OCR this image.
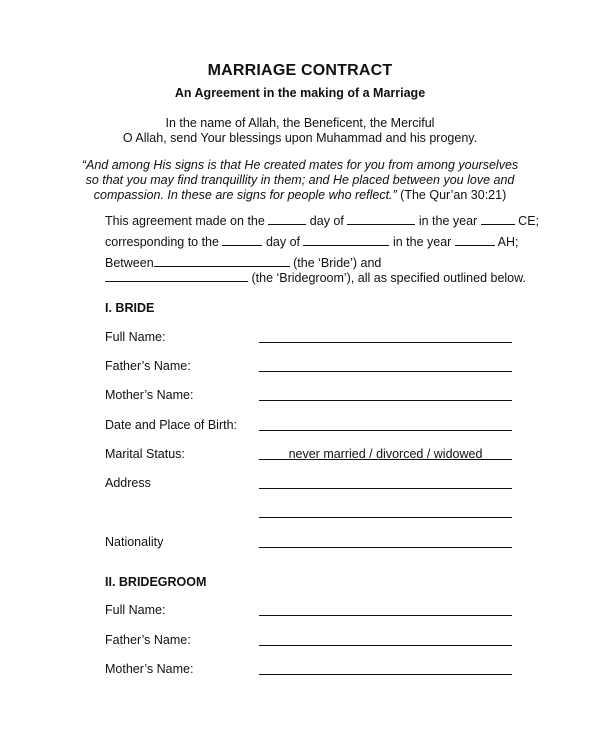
MARRIAGE CONTRACT
An Agreement in the making of a Marriage
In the name of Allah, the Beneficent, the Merciful
O Allah, send Your blessings upon Muhammad and his progeny.
“And among His signs is that He created mates for you from among yourselves
so that you may find tranquillity in them; and He placed between you love and
compassion. In these are signs for people who reflect.” (The Qur’an 30:21)
This agreement made on the	day of	in the year	CE;
corresponding to the	day of	in the year	AH;
Between	(the ‘Bride’) and
(the ‘Bridegroom’), all as specified outlined below.
I. BRIDE
Full Name:
Father’s Name:
Mother’s Name:
Date and Place of Birth:
Marital Status:	never married / divorced / widowed
Address
Nationality
II. BRIDEGROOM
Full Name:
Father’s Name:
Mother’s Name:
